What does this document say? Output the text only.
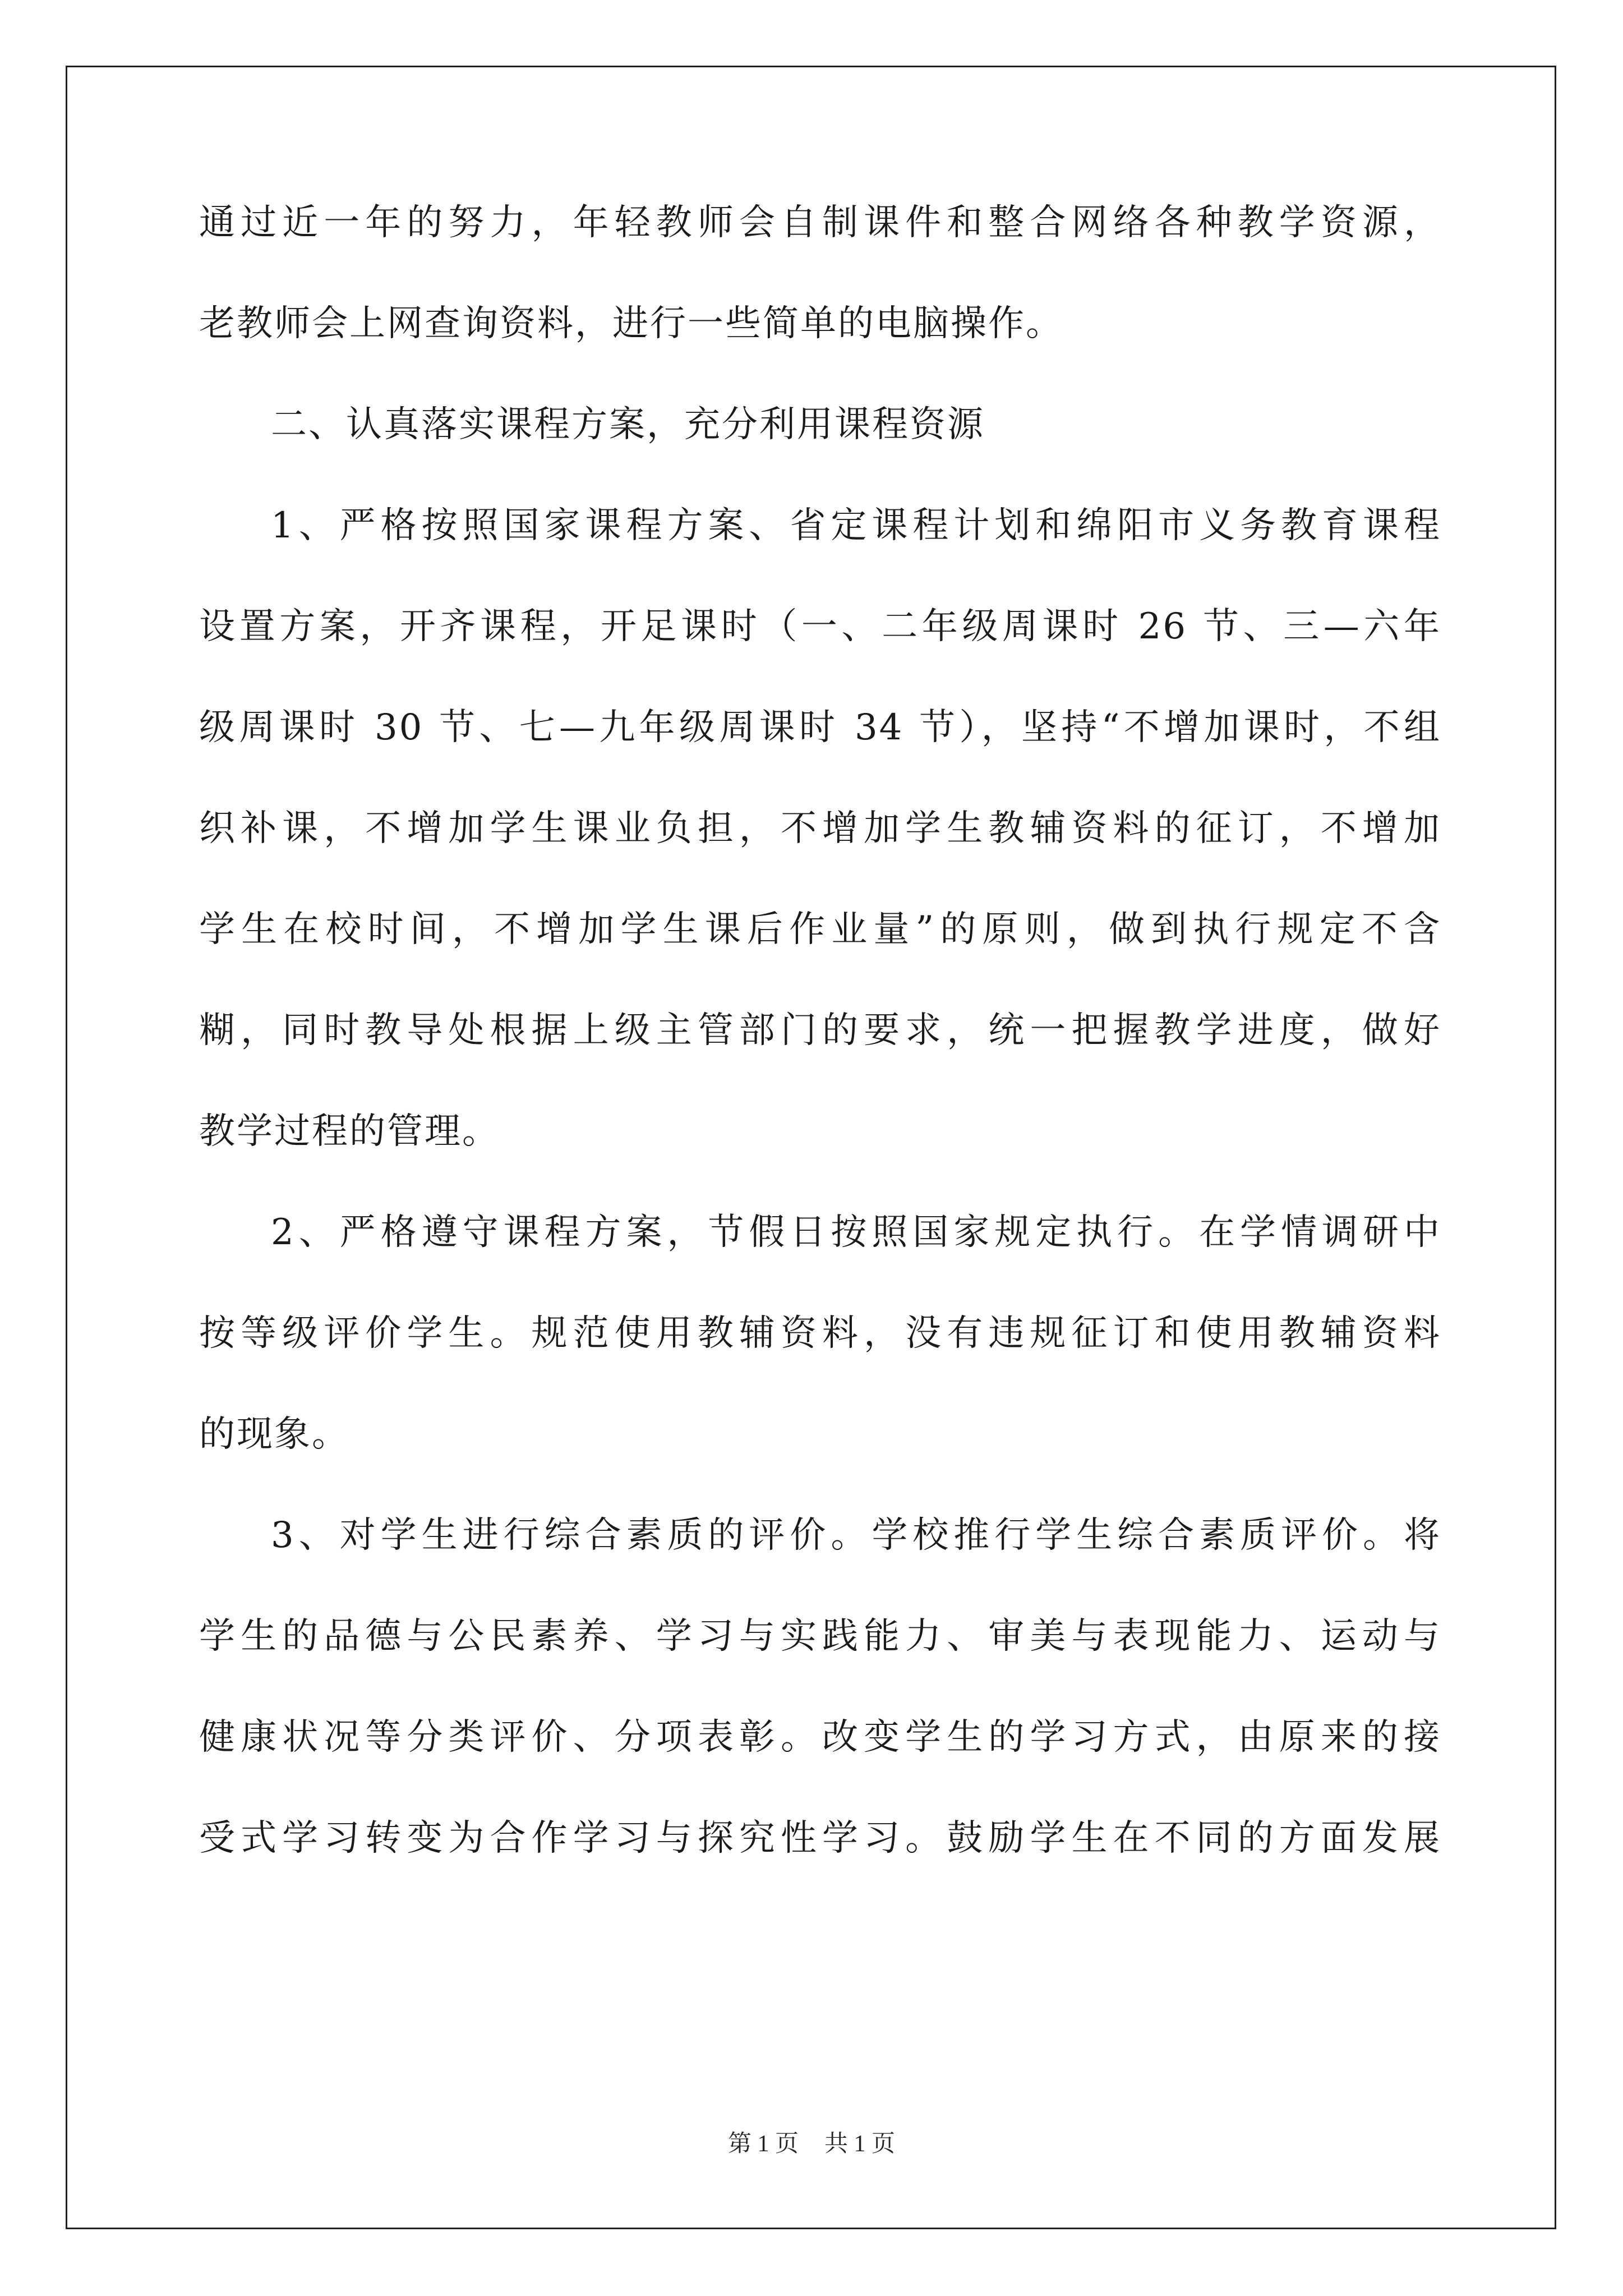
通过近一年的努力，年轻教师会自制课件和整合网络各种教学资源，
老教师会上网查询资料，进行一些简单的电脑操作。
二、认真落实课程方案，充分利用课程资源
1、严格按照国家课程方案、省定课程计划和绵阳市义务教育课程
设置方案，开齐课程，开足课时（一、二年级周课时 26 节、三—六年
级周课时 30 节、七—九年级周课时 34 节），坚持“不增加课时，不组
织补课，不增加学生课业负担，不增加学生教辅资料的征订，不增加
学生在校时间，不增加学生课后作业量”的原则，做到执行规定不含
糊，同时教导处根据上级主管部门的要求，统一把握教学进度，做好
教学过程的管理。
2、严格遵守课程方案，节假日按照国家规定执行。在学情调研中
按等级评价学生。规范使用教辅资料，没有违规征订和使用教辅资料
的现象。
3、对学生进行综合素质的评价。学校推行学生综合素质评价。将
学生的品德与公民素养、学习与实践能力、审美与表现能力、运动与
健康状况等分类评价、分项表彰。改变学生的学习方式，由原来的接
受式学习转变为合作学习与探究性学习。鼓励学生在不同的方面发展
第 1 页 共 1 页
